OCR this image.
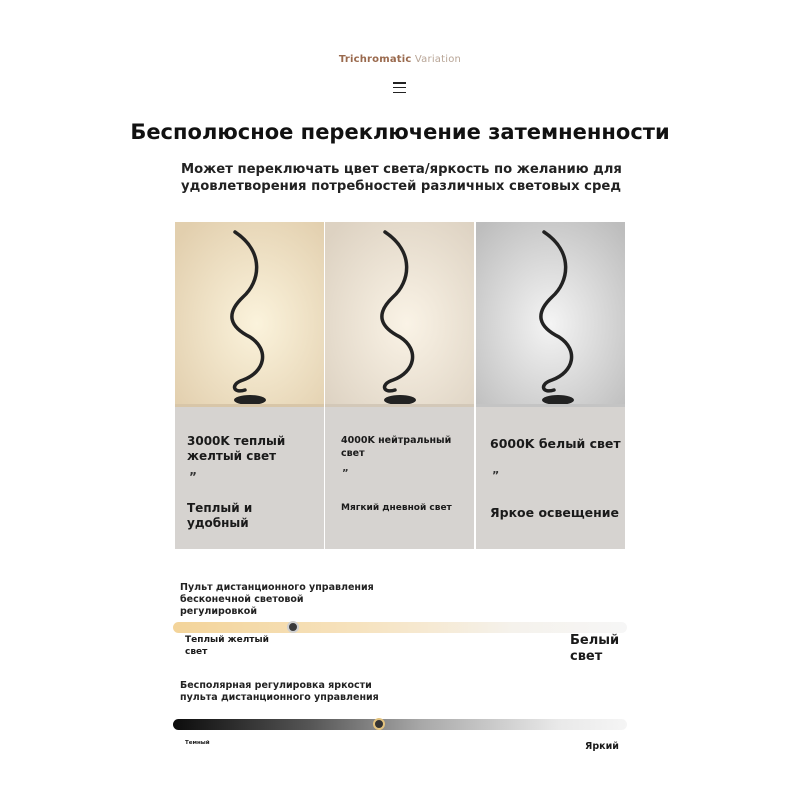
Trichromatic Variation
Бесполюсное переключение затемненности
Может переключать цвет света/яркость по желанию для удовлетворения потребностей различных световых сред
3000K теплый желтый свет
”
Теплый и удобный
4000K нейтральный свет
”
Мягкий дневной свет
6000K белый свет
”
Яркое освещение
Пульт дистанционного управления бесконечной световой регулировкой
Теплый желтый свет
Белый свет
Бесполярная регулировка яркости пульта дистанционного управления
Темный	Яркий
